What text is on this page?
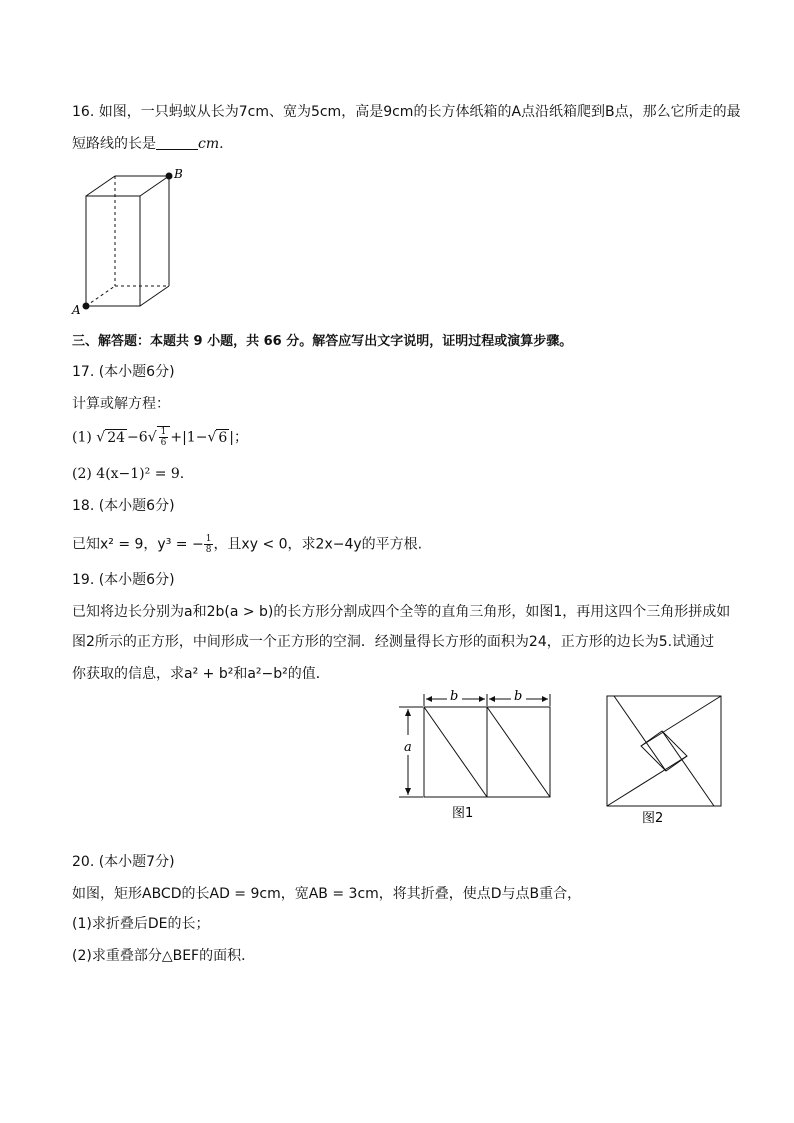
16. 如图，一只蚂蚁从长为7cm、宽为5cm，高是9cm的长方体纸箱的A点沿纸箱爬到B点，那么它所走的最
短路线的长是	cm.
B
A
三、解答题：本题共 9 小题，共 66 分。解答应写出文字说明，证明过程或演算步骤。
17. (本小题6分)
计算或解方程：
(1) √ $24 -6√ \frac{1}{6} +|1-√$ 6 |；
(2) 4(x−1)² = 9.
18. (本小题6分)
已知x² = 9，y³ = − $\frac{1}{8}$ ，且xy < 0，求2x−4y的平方根.
19. (本小题6分)
已知将边长分别为a和2b(a > b)的长方形分割成四个全等的直角三角形，如图1，再用这四个三角形拼成如
图2所示的正方形，中间形成一个正方形的空洞．经测量得长方形的面积为24，正方形的边长为5.试通过
你获取的信息，求a² + b²和a²−b²的值．
b	b
a
图1	图2
20. (本小题7分)
如图，矩形ABCD的长AD = 9cm，宽AB = 3cm，将其折叠，使点D与点B重合，
(1)求折叠后DE的长；
(2)求重叠部分△BEF的面积．
